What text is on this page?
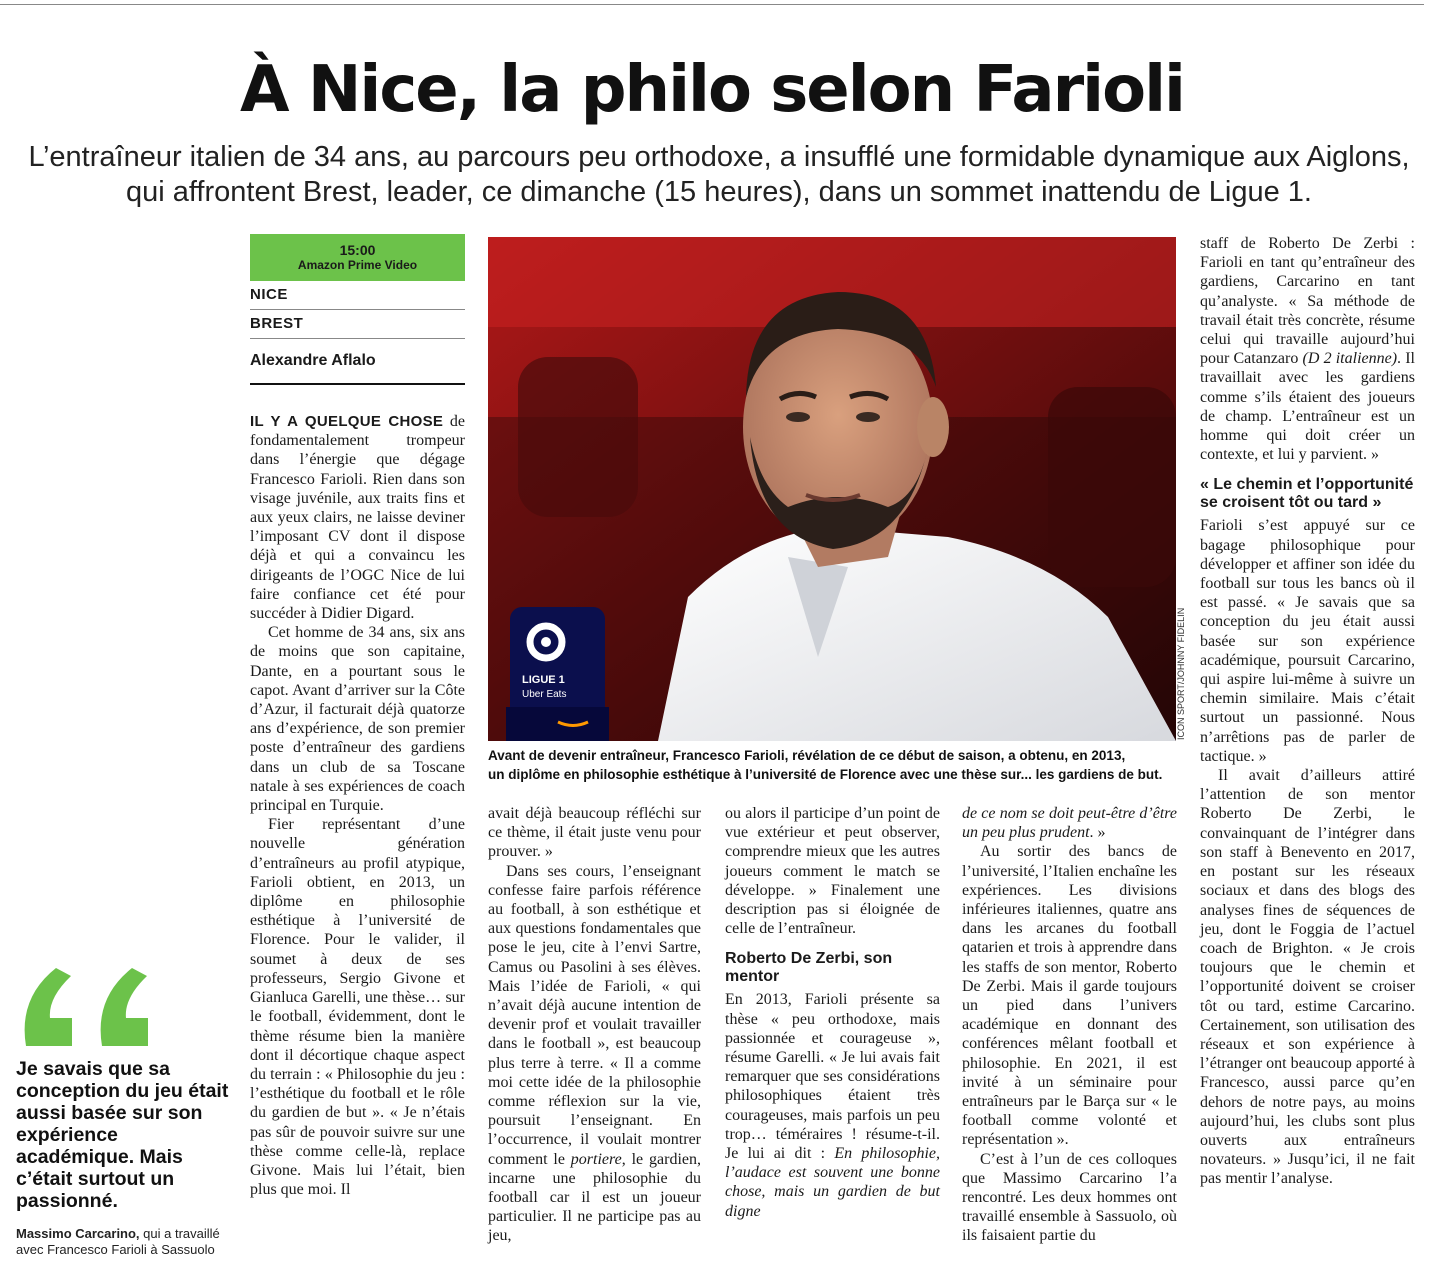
À Nice, la philo selon Farioli
L’entraîneur italien de 34 ans, au parcours peu orthodoxe, a insufflé une formidable dynamique aux Aiglons, qui affrontent Brest, leader, ce dimanche (15 heures), dans un sommet inattendu de Ligue 1.
15:00
Amazon Prime Video
NICE
BREST
Alexandre Aflalo

IL Y A QUELQUE CHOSE de fondamentalement trompeur dans l’énergie que dégage Francesco Farioli. Rien dans son visage juvénile, aux traits fins et aux yeux clairs, ne laisse deviner l’imposant CV dont il dispose déjà et qui a convaincu les dirigeants de l’OGC Nice de lui faire confiance cet été pour succéder à Didier Digard.

Cet homme de 34 ans, six ans de moins que son capitaine, Dante, en a pourtant sous le capot. Avant d’arriver sur la Côte d’Azur, il facturait déjà quatorze ans d’expérience, de son premier poste d’entraîneur des gardiens dans un club de sa Toscane natale à ses expériences de coach principal en Turquie.

Fier représentant d’une nouvelle génération d’entraîneurs au profil atypique, Farioli obtient, en 2013, un diplôme en philosophie esthétique à l’université de Florence. Pour le valider, il soumet à deux de ses professeurs, Sergio Givone et Gianluca Garelli, une thèse… sur le football, évidemment, dont le thème résume bien la manière dont il décortique chaque aspect du terrain : « Philosophie du jeu : l’esthétique du football et le rôle du gardien de but ». « Je n’étais pas sûr de pouvoir suivre sur une thèse comme celle-là, replace Givone. Mais lui l’était, bien plus que moi. Il

LIGUE 1
Uber Eats	ICON SPORT/JOHNNY FIDELIN
Avant de devenir entraîneur, Francesco Farioli, révélation de ce début de saison, a obtenu, en 2013,
un diplôme en philosophie esthétique à l’université de Florence avec une thèse sur... les gardiens de but.

avait déjà beaucoup réfléchi sur ce thème, il était juste venu pour prouver. »

Dans ses cours, l’enseignant confesse faire parfois référence au football, à son esthétique et aux questions fondamentales que pose le jeu, cite à l’envi Sartre, Camus ou Pasolini à ses élèves. Mais l’idée de Farioli, « qui n’avait déjà aucune intention de devenir prof et voulait travailler dans le football », est beaucoup plus terre à terre. « Il a comme moi cette idée de la philosophie comme réflexion sur la vie, poursuit l’enseignant. En l’occurrence, il voulait montrer comment le portiere, le gardien, incarne une philosophie du football car il est un joueur particulier. Il ne participe pas au jeu,

ou alors il participe d’un point de vue extérieur et peut observer, comprendre mieux que les autres joueurs comment le match se développe. » Finalement une description pas si éloignée de celle de l’entraîneur.

Roberto De Zerbi, son mentor

En 2013, Farioli présente sa thèse « peu orthodoxe, mais passionnée et courageuse », résume Garelli. « Je lui avais fait remarquer que ses considérations philosophiques étaient très courageuses, mais parfois un peu trop… téméraires ! résume-t-il. Je lui ai dit : En philosophie, l’audace est souvent une bonne chose, mais un gardien de but digne

de ce nom se doit peut-être d’être un peu plus prudent. »

Au sortir des bancs de l’université, l’Italien enchaîne les expériences. Les divisions inférieures italiennes, quatre ans dans les arcanes du football qatarien et trois à apprendre dans les staffs de son mentor, Roberto De Zerbi. Mais il garde toujours un pied dans l’univers académique en donnant des conférences mêlant football et philosophie. En 2021, il est invité à un séminaire pour entraîneurs par le Barça sur « le football comme volonté et représentation ».

C’est à l’un de ces colloques que Massimo Carcarino l’a rencontré. Les deux hommes ont travaillé ensemble à Sassuolo, où ils faisaient partie du

staff de Roberto De Zerbi : Farioli en tant qu’entraîneur des gardiens, Carcarino en tant qu’analyste. « Sa méthode de travail était très concrète, résume celui qui travaille aujourd’hui pour Catanzaro (D 2 italienne). Il travaillait avec les gardiens comme s’ils étaient des joueurs de champ. L’entraîneur est un homme qui doit créer un contexte, et lui y parvient. »

« Le chemin et l’opportunité se croisent tôt ou tard »

Farioli s’est appuyé sur ce bagage philosophique pour développer et affiner son idée du football sur tous les bancs où il est passé. « Je savais que sa conception du jeu était aussi basée sur son expérience académique, poursuit Carcarino, qui aspire lui-même à suivre un chemin similaire. Mais c’était surtout un passionné. Nous n’arrêtions pas de parler de tactique. »

Il avait d’ailleurs attiré l’attention de son mentor Roberto De Zerbi, le convainquant de l’intégrer dans son staff à Benevento en 2017, en postant sur les réseaux sociaux et dans des blogs des analyses fines de séquences de jeu, dont le Foggia de l’actuel coach de Brighton. « Je crois toujours que le chemin et l’opportunité doivent se croiser tôt ou tard, estime Carcarino. Certainement, son utilisation des réseaux et son expérience à l’étranger ont beaucoup apporté à Francesco, aussi parce qu’en dehors de notre pays, au moins aujourd’hui, les clubs sont plus ouverts aux entraîneurs novateurs. » Jusqu’ici, il ne fait pas mentir l’analyse.

Je savais que sa conception du jeu était aussi basée sur son expérience académique. Mais c’était surtout un passionné.
Massimo Carcarino, qui a travaillé avec Francesco Farioli à Sassuolo
